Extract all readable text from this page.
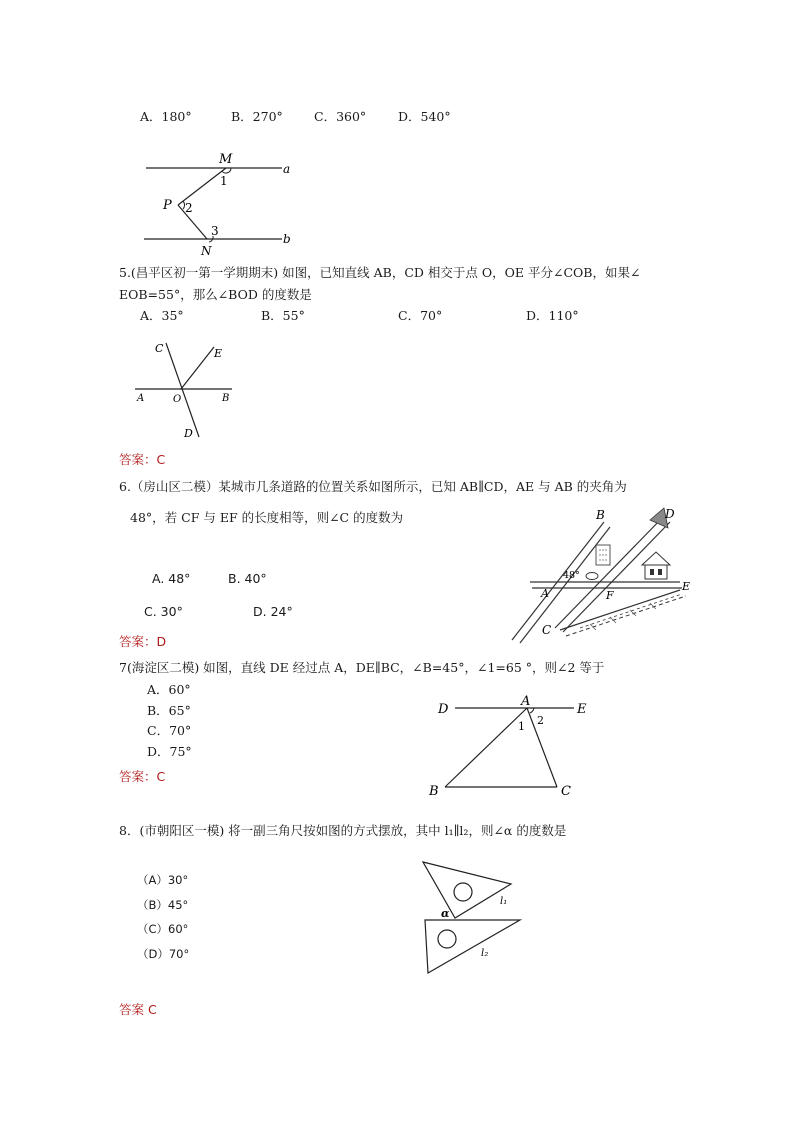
A．180°	B．270° C．360°	D．540°
M
1
a
P 2
3
N
b
5.(昌平区初一第一学期期末) 如图，已知直线 AB，CD 相交于点 O，OE 平分∠COB，如果∠
EOB=55°，那么∠BOD 的度数是
A．35°	B．55°	C．70°	D．110°
C	E
A	O	B
D
答案：C
6.（房山区二模）某城市几条道路的位置关系如图所示，已知 AB∥CD，AE 与 AB 的夹角为
48°，若 CF 与 EF 的长度相等，则∠C 的度数为
A. 48°	B. 40°
C. 30°	D. 24°
B	D
48°
A	F
E
C
答案：D
7(海淀区二模) 如图，直线 DE 经过点 A，DE∥BC，∠B=45°，∠1=65 °，则∠2 等于
A．60°
B．65°
C．70°
D．75°
D
A
E
1 2
B	C
答案：C
8．(市朝阳区一模) 将一副三角尺按如图的方式摆放，其中 l₁∥l₂，则∠α 的度数是
（A）30°
（B）45°
（C）60°
（D）70°
α
l₁
l₂
答案 C
